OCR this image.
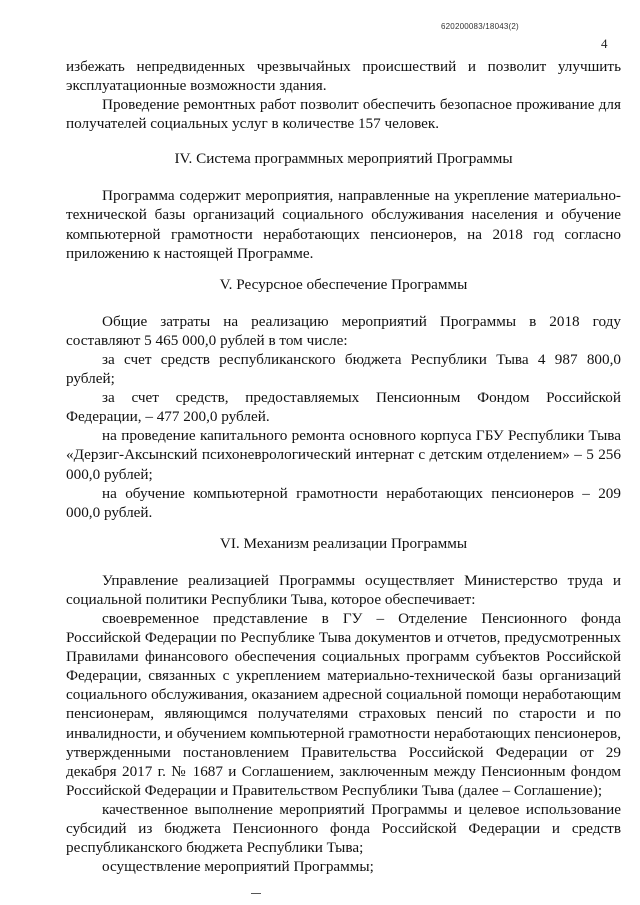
620200083/18043(2)
4

избежать непредвиденных чрезвычайных происшествий и позволит улучшить эксплуатационные возможности здания.

Проведение ремонтных работ позволит обеспечить безопасное проживание для получателей социальных услуг в количестве 157 человек.

IV. Система программных мероприятий Программы

Программа содержит мероприятия, направленные на укрепление материально-технической базы организаций социального обслуживания населения и обучение компьютерной грамотности неработающих пенсионеров, на 2018 год согласно приложению к настоящей Программе.

V. Ресурсное обеспечение Программы

Общие затраты на реализацию мероприятий Программы в 2018 году составляют 5 465 000,0 рублей в том числе:

за счет средств республиканского бюджета Республики Тыва 4 987 800,0 рублей;

за счет средств, предоставляемых Пенсионным Фондом Российской Федерации, – 477 200,0 рублей.

на проведение капитального ремонта основного корпуса ГБУ Республики Тыва «Дерзиг-Аксынский психоневрологический интернат с детским отделением» – 5 256 000,0 рублей;

на обучение компьютерной грамотности неработающих пенсионеров – 209 000,0 рублей.

VI. Механизм реализации Программы

Управление реализацией Программы осуществляет Министерство труда и социальной политики Республики Тыва, которое обеспечивает:

своевременное представление в ГУ – Отделение Пенсионного фонда Российской Федерации по Республике Тыва документов и отчетов, предусмотренных Правилами финансового обеспечения социальных программ субъектов Российской Федерации, связанных с укреплением материально-технической базы организаций социального обслуживания, оказанием адресной социальной помощи неработающим пенсионерам, являющимся получателями страховых пенсий по старости и по инвалидности, и обучением компьютерной грамотности неработающих пенсионеров, утвержденными постановлением Правительства Российской Федерации от 29 декабря 2017 г. № 1687 и Соглашением, заключенным между Пенсионным фондом Российской Федерации и Правительством Республики Тыва (далее – Соглашение);

качественное выполнение мероприятий Программы и целевое использование субсидий из бюджета Пенсионного фонда Российской Федерации и средств республиканского бюджета Республики Тыва;

осуществление мероприятий Программы;
